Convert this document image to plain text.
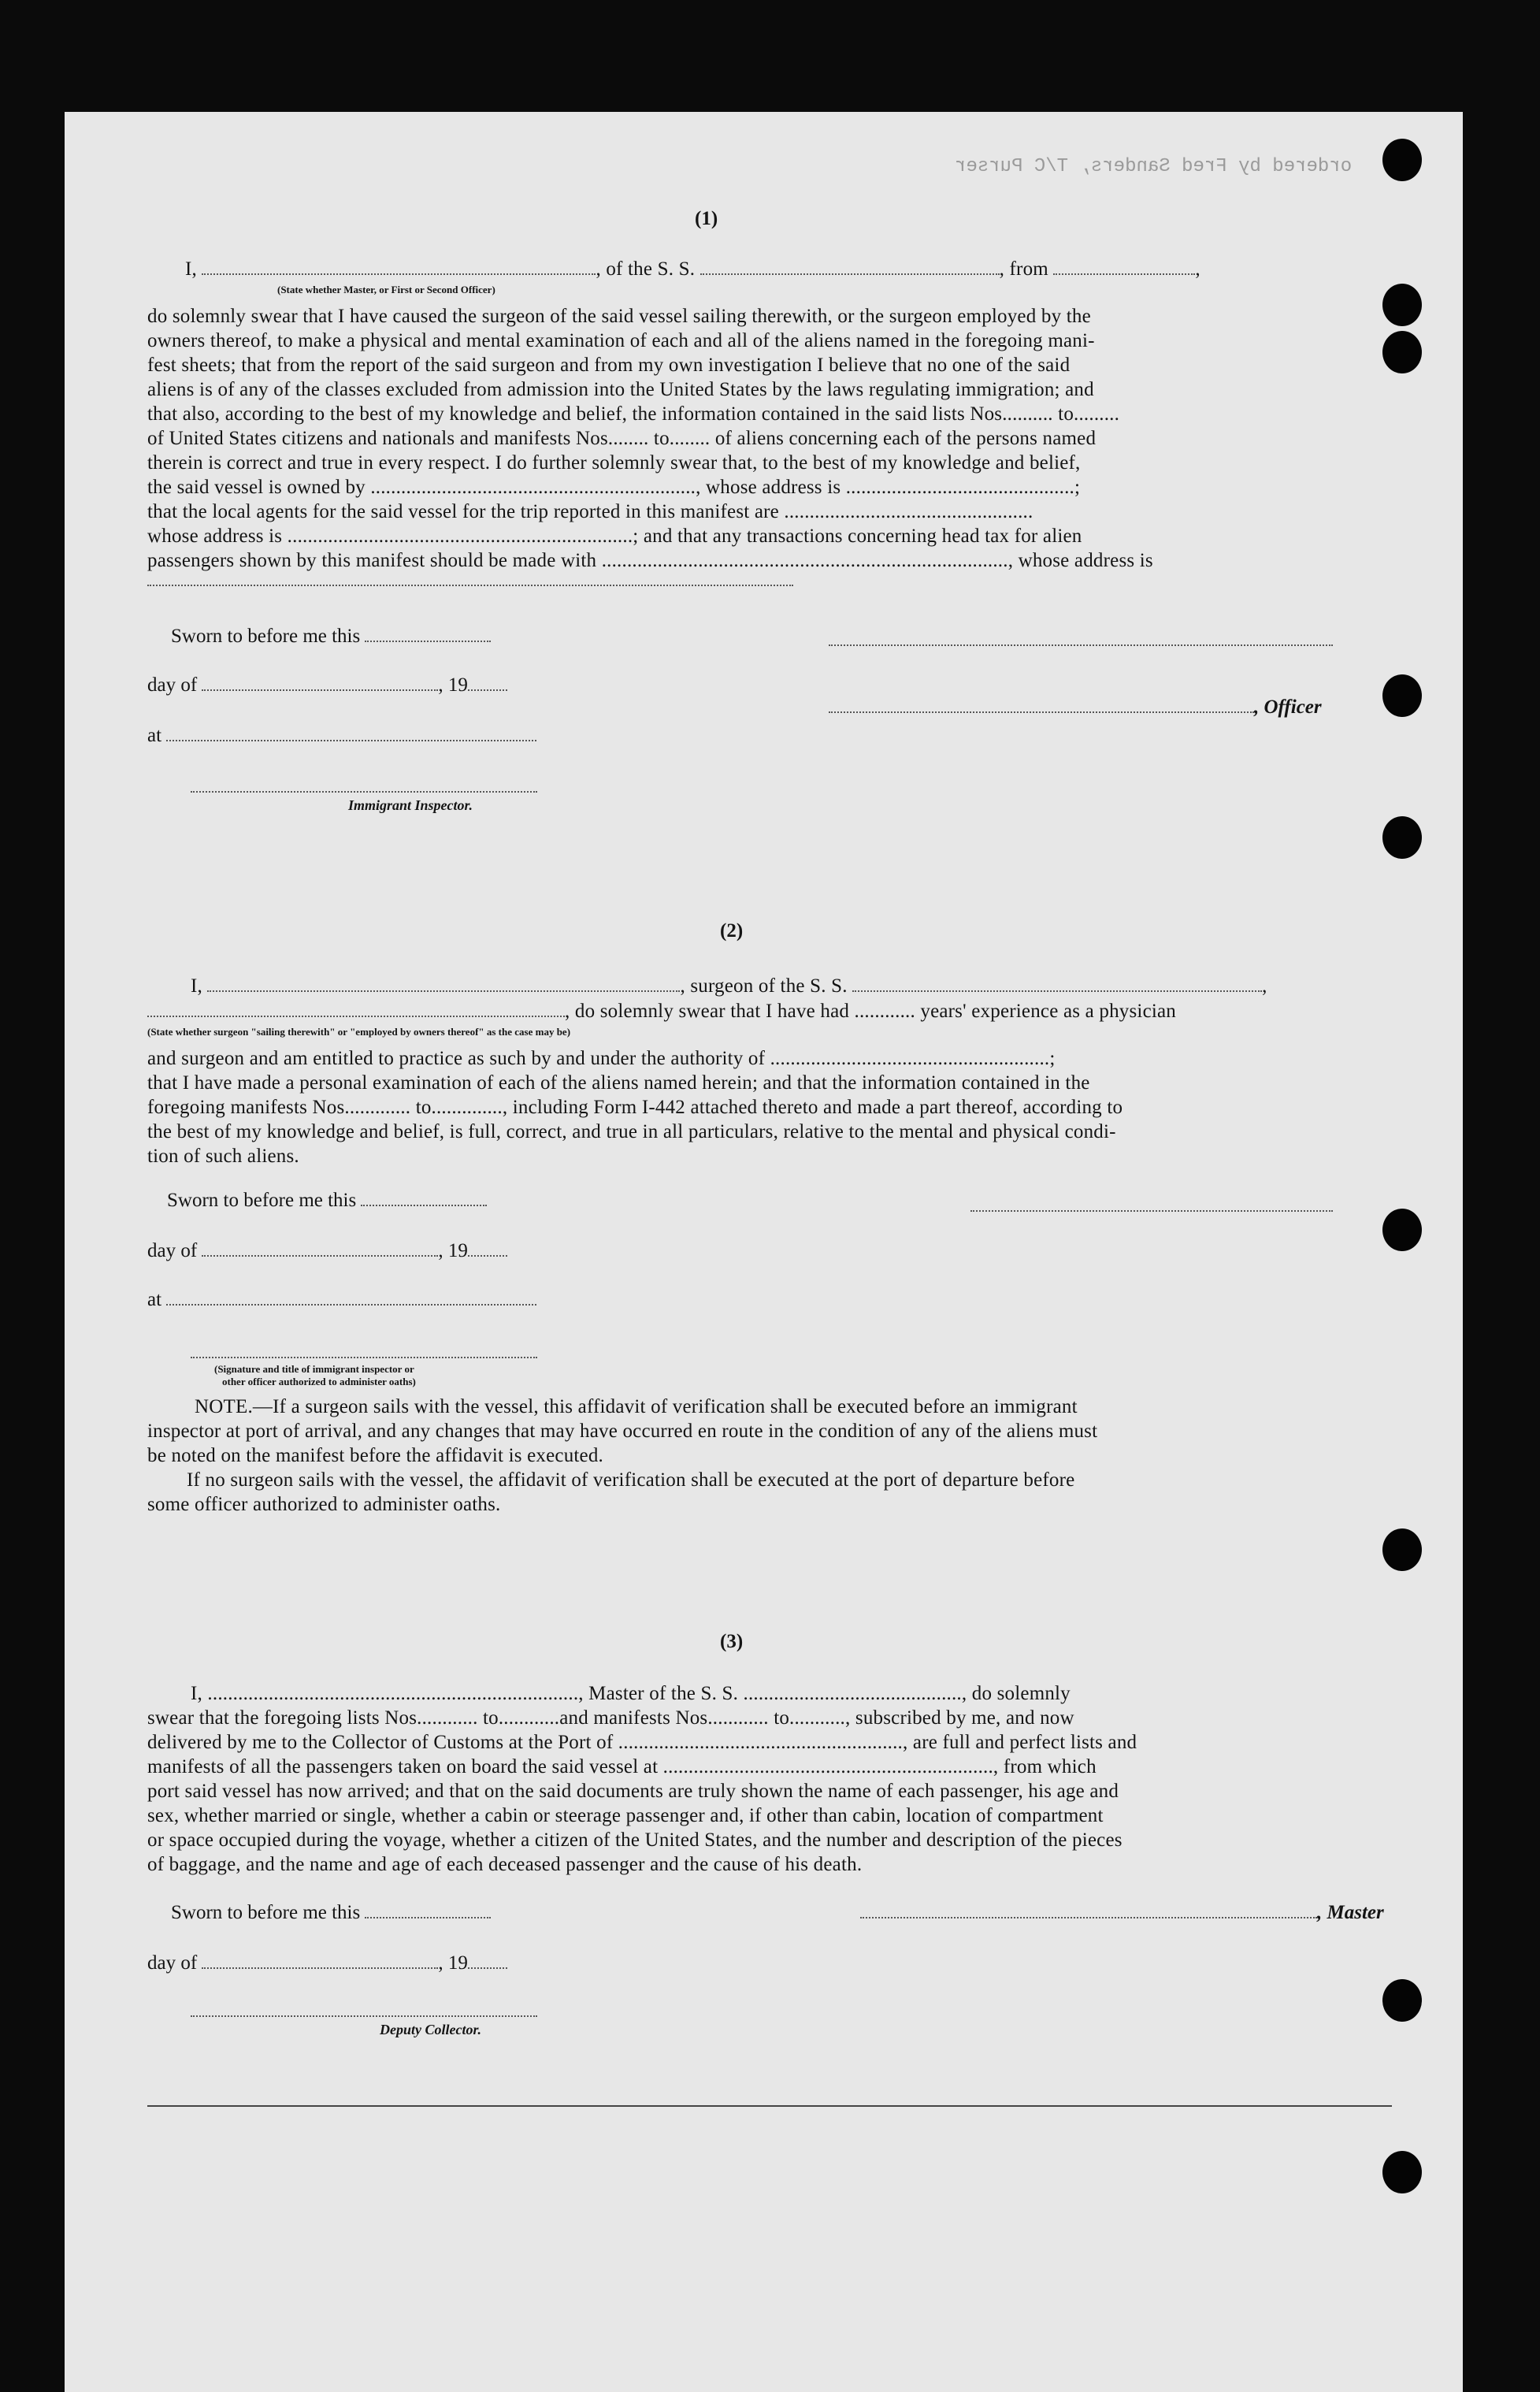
ordered by Fred Sanders, T/C Purser
⠀
(1)
I,	, of the S. S.	, from	,
(State whether Master, or First or Second Officer)
do solemnly swear that I have caused the surgeon of the said vessel sailing therewith, or the surgeon employed by the
owners thereof, to make a physical and mental examination of each and all of the aliens named in the foregoing mani-
fest sheets; that from the report of the said surgeon and from my own investigation I believe that no one of the said
aliens is of any of the classes excluded from admission into the United States by the laws regulating immigration; and
that also, according to the best of my knowledge and belief, the information contained in the said lists Nos.......... to.........
of United States citizens and nationals and manifests Nos........ to........ of aliens concerning each of the persons named
therein is correct and true in every respect. I do further solemnly swear that, to the best of my knowledge and belief,
the said vessel is owned by ................................................................, whose address is .............................................;
that the local agents for the said vessel for the trip reported in this manifest are .................................................
whose address is ....................................................................; and that any transactions concerning head tax for alien
passengers shown by this manifest should be made with ................................................................................, whose address is
Sworn to before me this
day of	, 19
, Officer
at
Immigrant Inspector.
(2)
I,	, surgeon of the S. S.	,
, do solemnly swear that I have had ............ years' experience as a physician
(State whether surgeon "sailing therewith" or "employed by owners thereof" as the case may be)
and surgeon and am entitled to practice as such by and under the authority of .......................................................;
that I have made a personal examination of each of the aliens named herein; and that the information contained in the
foregoing manifests Nos............. to.............., including Form I-442 attached thereto and made a part thereof, according to
the best of my knowledge and belief, is full, correct, and true in all particulars, relative to the mental and physical condi-
tion of such aliens.
Sworn to before me this
day of	, 19
at
(Signature and title of immigrant inspector or
other officer authorized to administer oaths)
NOTE.—If a surgeon sails with the vessel, this affidavit of verification shall be executed before an immigrant
inspector at port of arrival, and any changes that may have occurred en route in the condition of any of the aliens must
be noted on the manifest before the affidavit is executed.
If no surgeon sails with the vessel, the affidavit of verification shall be executed at the port of departure before
some officer authorized to administer oaths.
(3)
I, ........................................................................., Master of the S. S. ..........................................., do solemnly
swear that the foregoing lists Nos............ to............and manifests Nos............ to..........., subscribed by me, and now
delivered by me to the Collector of Customs at the Port of ........................................................, are full and perfect lists and
manifests of all the passengers taken on board the said vessel at ................................................................., from which
port said vessel has now arrived; and that on the said documents are truly shown the name of each passenger, his age and
sex, whether married or single, whether a cabin or steerage passenger and, if other than cabin, location of compartment
or space occupied during the voyage, whether a citizen of the United States, and the number and description of the pieces
of baggage, and the name and age of each deceased passenger and the cause of his death.
Sworn to before me this	, Master
day of	, 19
Deputy Collector.
